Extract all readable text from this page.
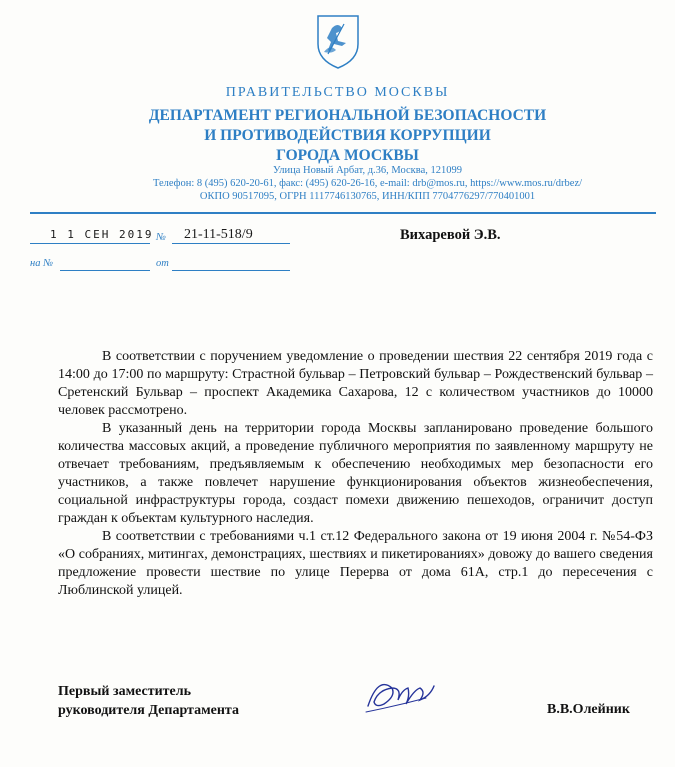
ПРАВИТЕЛЬСТВО МОСКВЫ
ДЕПАРТАМЕНТ РЕГИОНАЛЬНОЙ БЕЗОПАСНОСТИ
И ПРОТИВОДЕЙСТВИЯ КОРРУПЦИИ
ГОРОДА МОСКВЫ
Улица Новый Арбат, д.36, Москва, 121099
Телефон: 8 (495) 620-20-61, факс: (495) 620-26-16, e-mail: drb@mos.ru, https://www.mos.ru/drbez/
ОКПО 90517095, ОГРН 1117746130765, ИНН/КПП 7704776297/770401001
1 1 СЕН 2019 № 21-11-518/9
на №	от
Вихаревой Э.В.

В соответствии с поручением уведомление о проведении шествия 22 сентября 2019 года с 14:00 до 17:00 по маршруту: Страстной бульвар – Петровский бульвар – Рождественский бульвар – Сретенский Бульвар – проспект Академика Сахарова, 12 с количеством участников до 10000 человек рассмотрено.

В указанный день на территории города Москвы запланировано проведение большого количества массовых акций, а проведение публичного мероприятия по заявленному маршруту не отвечает требованиям, предъявляемым к обеспечению необходимых мер безопасности его участников, а также повлечет нарушение функционирования объектов жизнеобеспечения, социальной инфраструктуры города, создаст помехи движению пешеходов, ограничит доступ граждан к объектам культурного наследия.

В соответствии с требованиями ч.1 ст.12 Федерального закона от 19 июня 2004 г. №54-ФЗ «О собраниях, митингах, демонстрациях, шествиях и пикетированиях» довожу до вашего сведения предложение провести шествие по улице Перерва от дома 61А, стр.1 до пересечения с Люблинской улицей.

Первый заместитель
руководителя Департамента	В.В.Олейник
